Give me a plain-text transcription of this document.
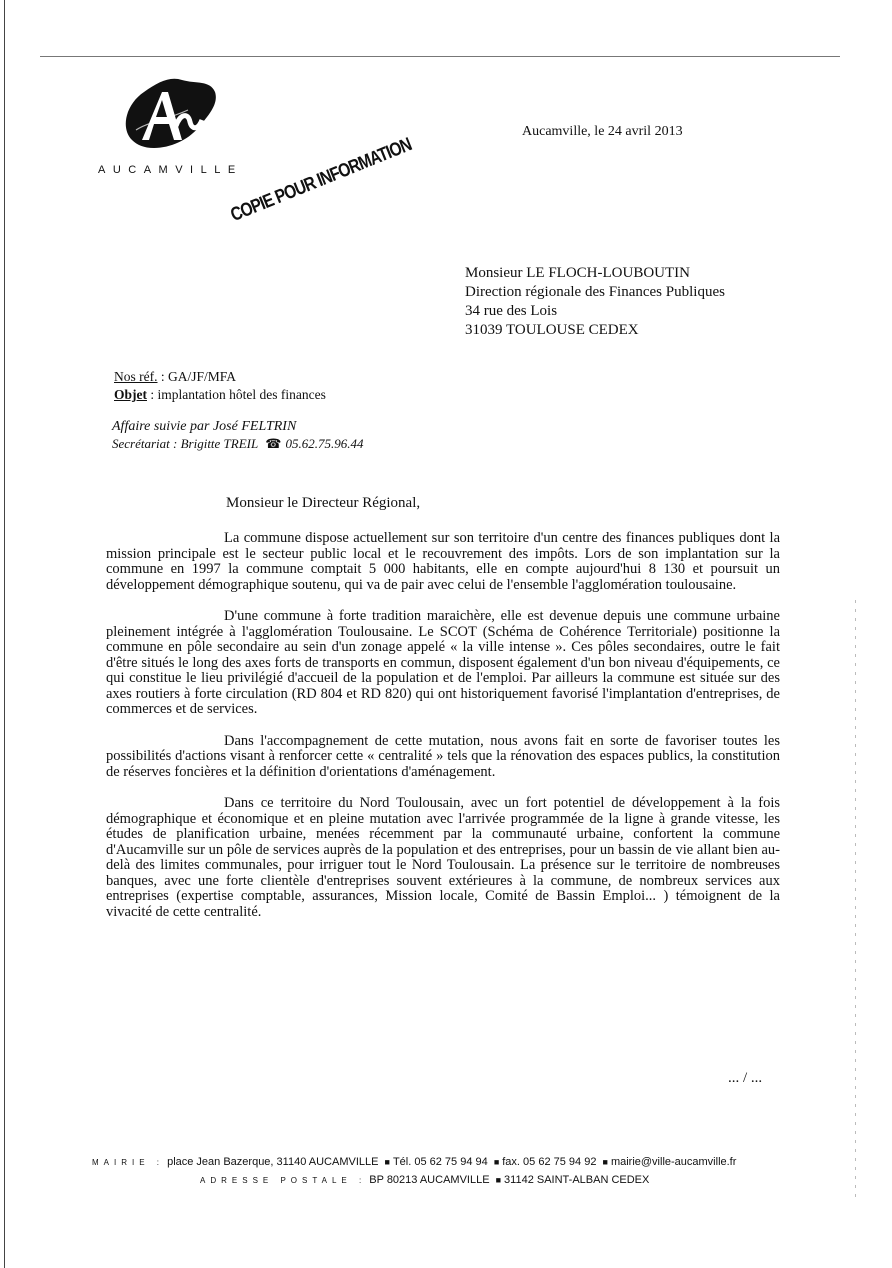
AUCAMVILLE
COPIE POUR INFORMATION
Aucamville, le 24 avril 2013
Monsieur LE FLOCH-LOUBOUTIN
Direction régionale des Finances Publiques
34 rue des Lois
31039 TOULOUSE CEDEX
Nos réf. : GA/JF/MFA
Objet : implantation hôtel des finances
Affaire suivie par José FELTRIN
Secrétariat : Brigitte TREIL ☎ 05.62.75.96.44
Monsieur le Directeur Régional,

La commune dispose actuellement sur son territoire d'un centre des finances publiques dont la mission principale est le secteur public local et le recouvrement des impôts. Lors de son implantation sur la commune en 1997 la commune comptait 5 000 habitants, elle en compte aujourd'hui 8 130 et poursuit un développement démographique soutenu, qui va de pair avec celui de l'ensemble l'agglomération toulousaine.

D'une commune à forte tradition maraichère, elle est devenue depuis une commune urbaine pleinement intégrée à l'agglomération Toulousaine. Le SCOT (Schéma de Cohérence Territoriale) positionne la commune en pôle secondaire au sein d'un zonage appelé « la ville intense ». Ces pôles secondaires, outre le fait d'être situés le long des axes forts de transports en commun, disposent également d'un bon niveau d'équipements, ce qui constitue le lieu privilégié d'accueil de la population et de l'emploi. Par ailleurs la commune est située sur des axes routiers à forte circulation (RD 804 et RD 820) qui ont historiquement favorisé l'implantation d'entreprises, de commerces et de services.

Dans l'accompagnement de cette mutation, nous avons fait en sorte de favoriser toutes les possibilités d'actions visant à renforcer cette « centralité » tels que la rénovation des espaces publics, la constitution de réserves foncières et la définition d'orientations d'aménagement.

Dans ce territoire du Nord Toulousain, avec un fort potentiel de développement à la fois démographique et économique et en pleine mutation avec l'arrivée programmée de la ligne à grande vitesse, les études de planification urbaine, menées récemment par la communauté urbaine, confortent la commune d'Aucamville sur un pôle de services auprès de la population et des entreprises, pour un bassin de vie allant bien au-delà des limites communales, pour irriguer tout le Nord Toulousain. La présence sur le territoire de nombreuses banques, avec une forte clientèle d'entreprises souvent extérieures à la commune, de nombreux services aux entreprises (expertise comptable, assurances, Mission locale, Comité de Bassin Emploi... ) témoignent de la vivacité de cette centralité.

... / ...
MAIRIE : place Jean Bazerque, 31140 AUCAMVILLE ■ Tél. 05 62 75 94 94 ■ fax. 05 62 75 94 92 ■ mairie@ville-aucamville.fr
ADRESSE POSTALE : BP 80213 AUCAMVILLE ■ 31142 SAINT-ALBAN CEDEX
